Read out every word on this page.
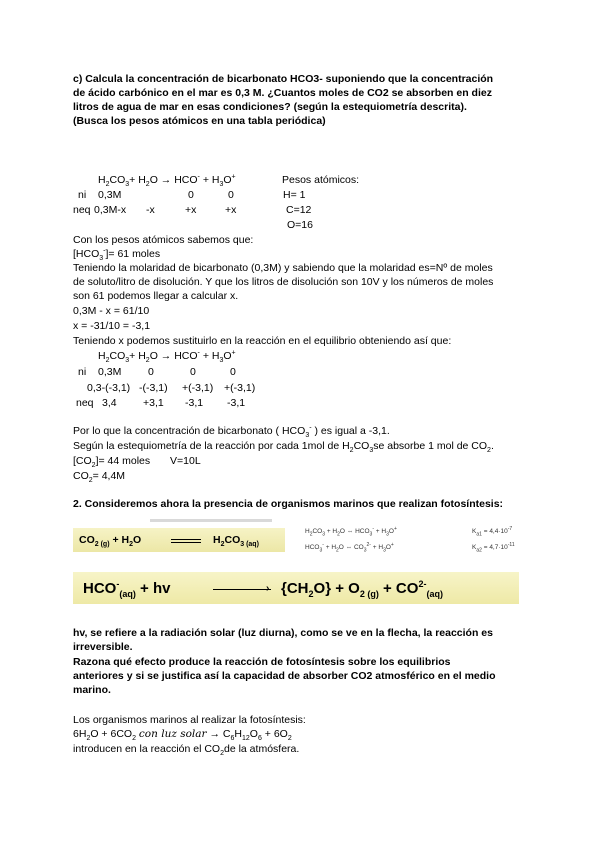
c) Calcula la concentración de bicarbonato HCO3- suponiendo que la concentración
de ácido carbónico en el mar es 0,3 M. ¿Cuantos moles de CO2 se absorben en diez
litros de agua de mar en esas condiciones? (según la estequiometría descrita).
(Busca los pesos atómicos en una tabla periódica)
$H_2CO_3+ H_2O \to HCO^- + H_3O^+$	Pesos atómicos:
ni 0,3M	0	0	H= 1
neq 0,3M-x -x	+x	+x	C=12
O=16
Con los pesos atómicos sabemos que:
$[HCO_3^-]= 61$ moles
Teniendo la molaridad de bicarbonato (0,3M) y sabiendo que la molaridad es=Nº de moles
de soluto/litro de disolución. Y que los litros de disolución son 10V y los números de moles
son 61 podemos llegar a calcular x.
0,3M - x = 61/10
x = -31/10 = -3,1
Teniendo x podemos sustituirlo en la reacción en el equilibrio obteniendo así que:
$H_2CO_3+ H_2O \to HCO^- + H_3O^+$
ni 0,3M	0	0	0
0,3-(-3,1) -(-3,1) +(-3,1) +(-3,1)
neq 3,4	+3,1 -3,1 -3,1
Por lo que la concentración de bicarbonato ( $HCO_3^-$ ) es igual a -3,1.
Según la estequiometría de la reacción por cada 1mol de $H_2CO_3se$ absorbe 1 mol de $CO_2$.
$[CO_2]= 44$ moles V=10L
$CO_2= 4,4M$
2. Consideremos ahora la presencia de organismos marinos que realizan fotosíntesis:
$CO_{2 (g)} + H_2O$	$H_2CO_{3 (aq)}$
$H_2CO_3 + H_2O$ ⇔ $HCO_3^- + H_3O^+$	$K_{a1} = 4,4\cdot 10^{-7}$
$HCO_3^- + H_2O$ ⇔ $CO_3^{2-} + H_3O^+$	$K_{a2} = 4,7\cdot 10^{-11}$
$HCO^-_{(aq)}$ + hv	› $\{CH_2O\} + O_{2 (g)} + CO^{2-}_{(aq)}$
hv, se refiere a la radiación solar (luz diurna), como se ve en la flecha, la reacción es
irreversible.
Razona qué efecto produce la reacción de fotosíntesis sobre los equilibrios
anteriores y si se justifica así la capacidad de absorber CO2 atmosférico en el medio
marino.
Los organismos marinos al realizar la fotosíntesis:
$6H_2O + 6CO_2$ con luz solar → $C_6H_{12}O_6 + 6O_2$
introducen en la reacción el $CO_2de$ la atmósfera.
